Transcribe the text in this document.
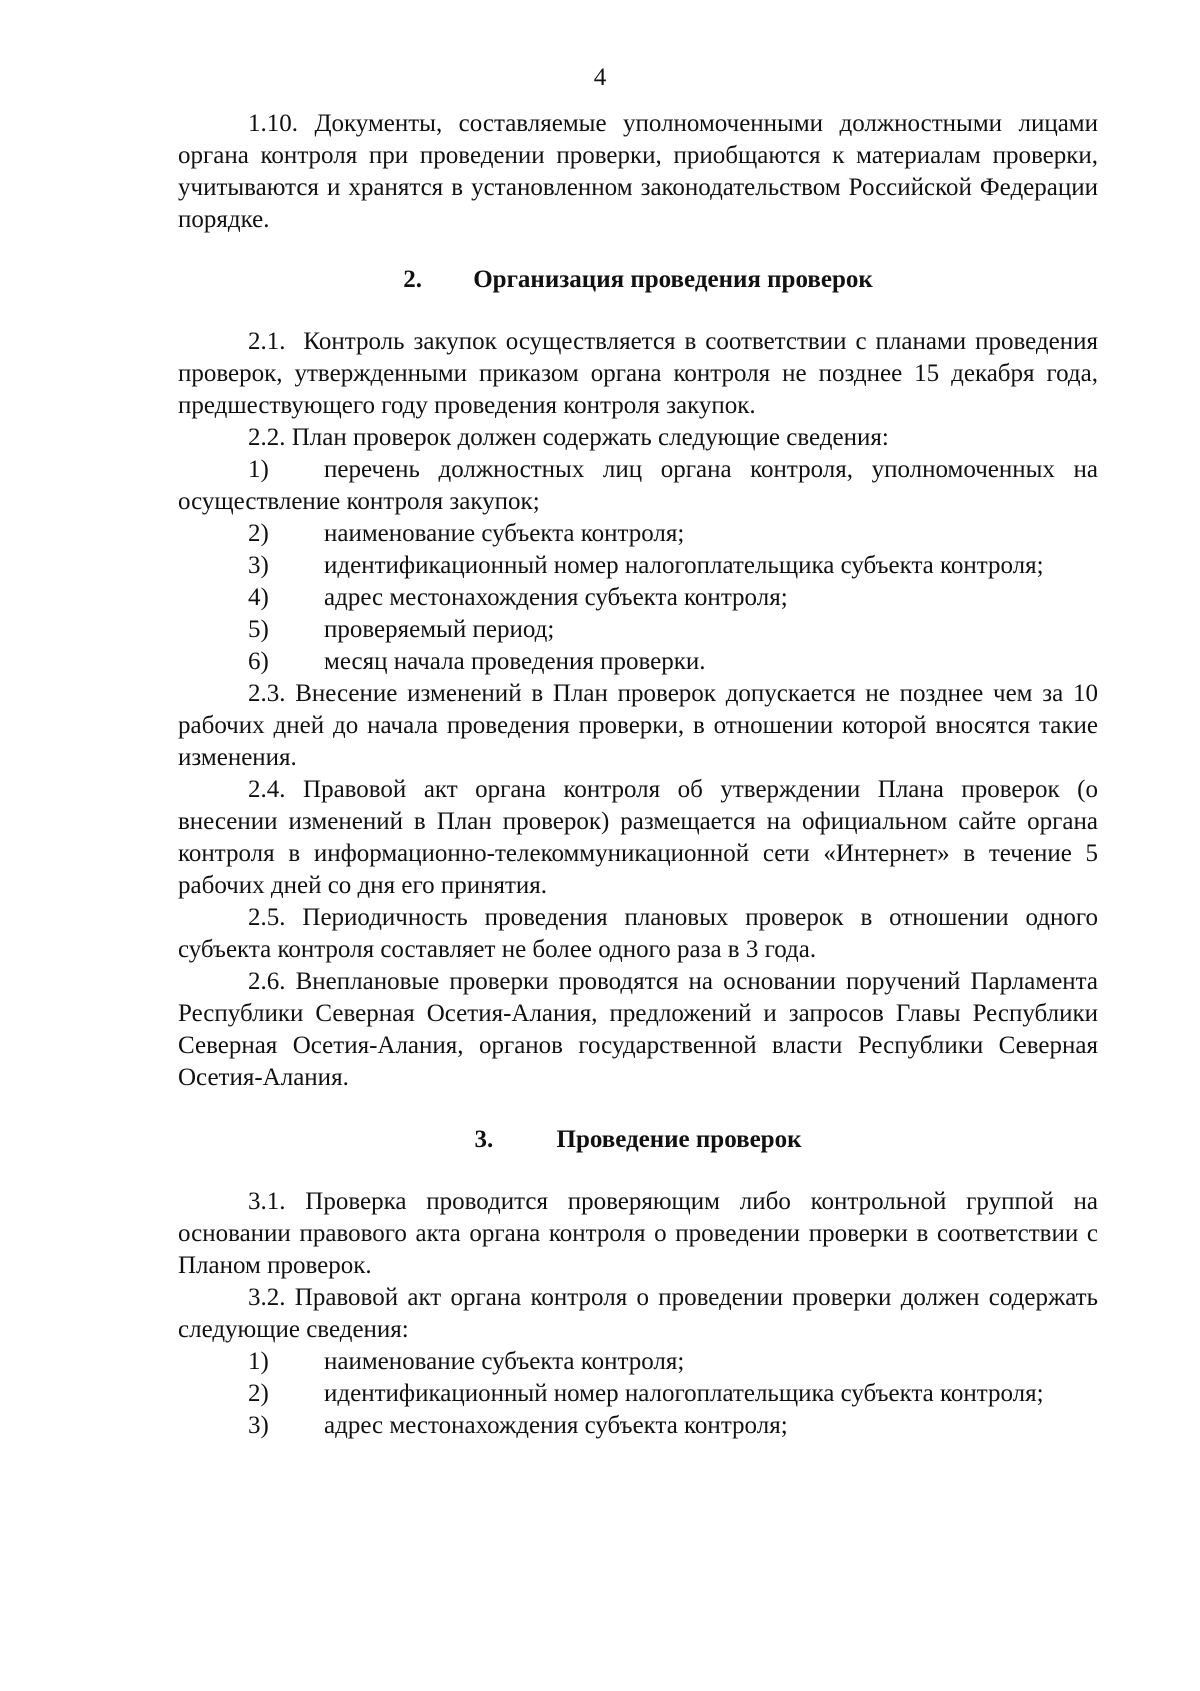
4

1.10. Документы, составляемые уполномоченными должностными лицами органа контроля при проведении проверки, приобщаются к материалам проверки, учитываются и хранятся в установленном законодательством Российской Федерации порядке.

2.	Организация проведения проверок

2.1.  Контроль закупок осуществляется в соответствии с планами проведения проверок, утвержденными приказом органа контроля не позднее 15 декабря года, предшествующего году проведения контроля закупок.

2.2. План проверок должен содержать следующие сведения:

1) перечень должностных лиц органа контроля, уполномоченных на осуществление контроля закупок;
2)	наименование субъекта контроля;
3) идентификационный номер налогоплательщика субъекта контроля;
4)	адрес местонахождения субъекта контроля;
5)	проверяемый период;
6)	месяц начала проведения проверки.

2.3. Внесение изменений в План проверок допускается не позднее чем за 10 рабочих дней до начала проведения проверки, в отношении которой вносятся такие изменения.

2.4. Правовой акт органа контроля об утверждении Плана проверок (о внесении изменений в План проверок) размещается на официальном сайте органа контроля в информационно-телекоммуникационной сети «Интернет» в течение 5 рабочих дней со дня его принятия.

2.5. Периодичность проведения плановых проверок в отношении одного субъекта контроля составляет не более одного раза в 3 года.

2.6. Внеплановые проверки проводятся на основании поручений Парламента Республики Северная Осетия-Алания, предложений и запросов Главы Республики Северная Осетия-Алания, органов государственной власти Республики Северная Осетия-Алания.

3.	Проведение проверок

3.1. Проверка проводится проверяющим либо контрольной группой на основании правового акта органа контроля о проведении проверки в соответствии с Планом проверок.

3.2. Правовой акт органа контроля о проведении проверки должен содержать следующие сведения:

1)	наименование субъекта контроля;
2) идентификационный номер налогоплательщика субъекта контроля;
3)	адрес местонахождения субъекта контроля;
